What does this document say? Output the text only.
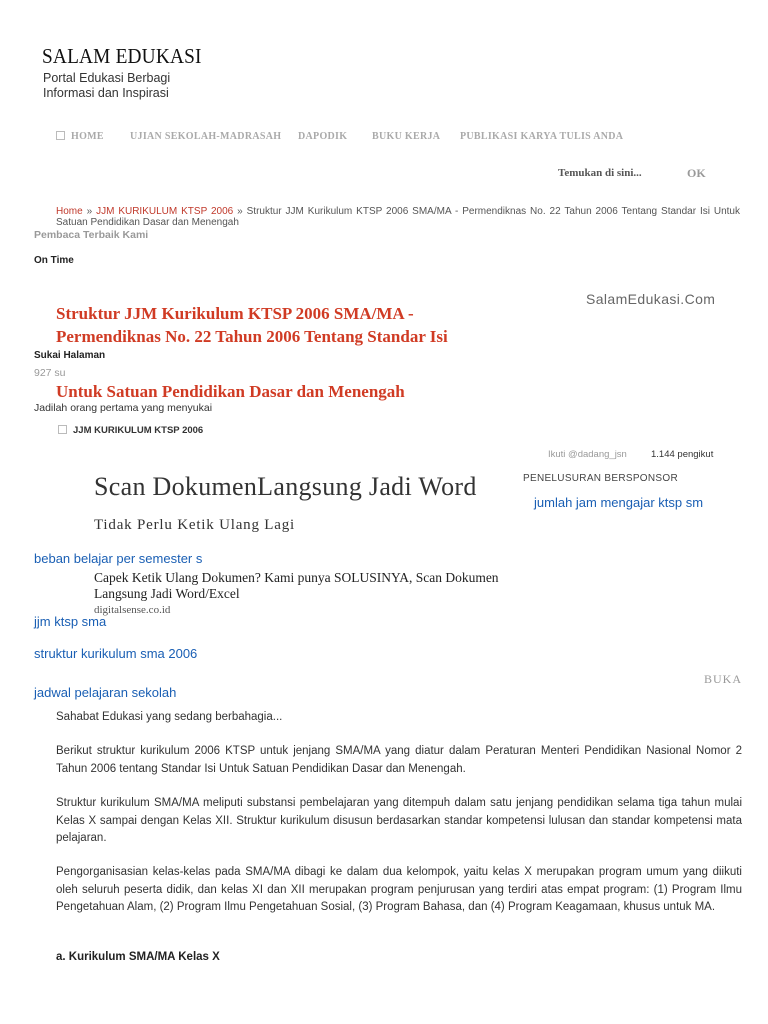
SALAM EDUKASI
Portal Edukasi Berbagi
Informasi dan Inspirasi
HOME	UJIAN SEKOLAH-MADRASAH DAPODIK BUKU KERJA PUBLIKASI KARYA TULIS ANDA
Temukan di sini...	OK
Home » JJM KURIKULUM KTSP 2006 » Struktur JJM Kurikulum KTSP 2006 SMA/MA - Permendiknas No. 22 Tahun 2006 Tentang Standar Isi Untuk Satuan Pendidikan Dasar dan Menengah
Pembaca Terbaik Kami
On Time
Struktur JJM Kurikulum KTSP 2006 SMA/MA -
Permendiknas No. 22 Tahun 2006 Tentang Standar Isi
SalamEdukasi.Com
Sukai Halaman
927 su
Untuk Satuan Pendidikan Dasar dan Menengah
Jadilah orang pertama yang menyukai
JJM KURIKULUM KTSP 2006
Ikuti @dadang_jsn	1.144 pengikut
Scan DokumenLangsung Jadi Word	PENELUSURAN BERSPONSOR
jumlah jam mengajar ktsp sm
Tidak Perlu Ketik Ulang Lagi
beban belajar per semester s
Capek Ketik Ulang Dokumen? Kami punya SOLUSINYA, Scan Dokumen
Langsung Jadi Word/Excel
digitalsense.co.id
jjm ktsp sma
struktur kurikulum sma 2006
BUKA
jadwal pelajaran sekolah

Sahabat Edukasi yang sedang berbahagia...

Berikut struktur kurikulum 2006 KTSP untuk jenjang SMA/MA yang diatur dalam Peraturan Menteri Pendidikan Nasional Nomor 2 Tahun 2006 tentang Standar Isi Untuk Satuan Pendidikan Dasar dan Menengah.

Struktur kurikulum SMA/MA meliputi substansi pembelajaran yang ditempuh dalam satu jenjang pendidikan selama tiga tahun mulai Kelas X sampai dengan Kelas XII. Struktur kurikulum disusun berdasarkan standar kompetensi lulusan dan standar kompetensi mata pelajaran.

Pengorganisasian kelas-kelas pada SMA/MA dibagi ke dalam dua kelompok, yaitu kelas X merupakan program umum yang diikuti oleh seluruh peserta didik, dan kelas XI dan XII merupakan program penjurusan yang terdiri atas empat program: (1) Program Ilmu Pengetahuan Alam, (2) Program Ilmu Pengetahuan Sosial, (3) Program Bahasa, dan (4) Program Keagamaan, khusus untuk MA.

a. Kurikulum SMA/MA Kelas X
